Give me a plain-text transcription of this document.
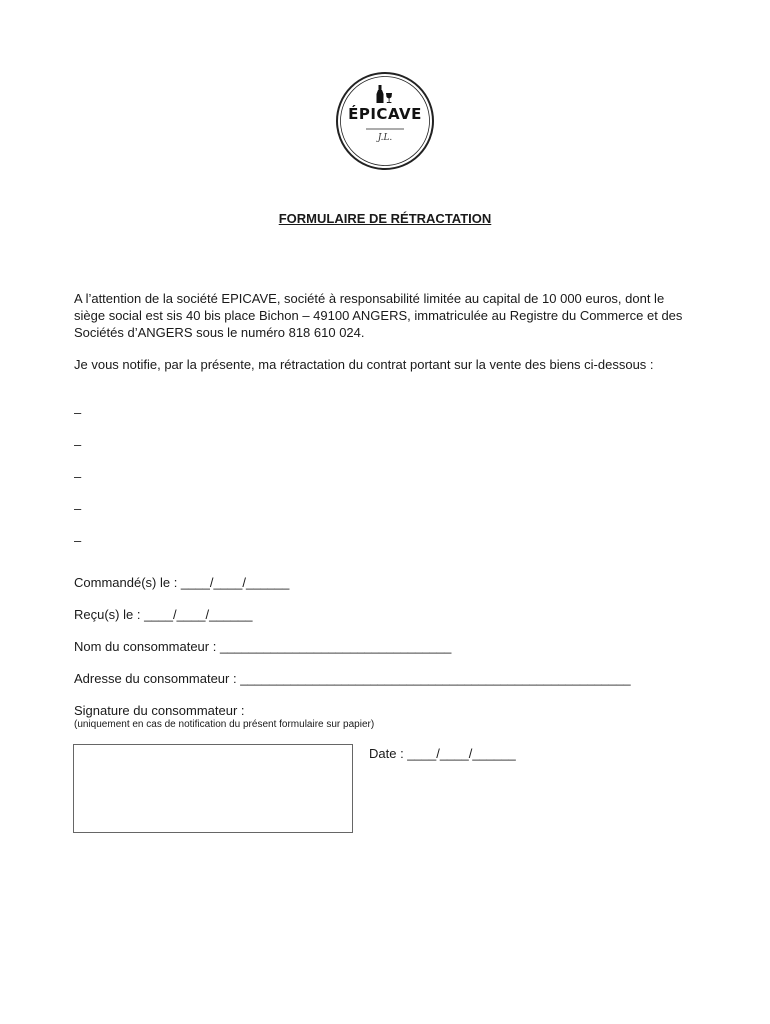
ÉPICAVE
J.L.
FORMULAIRE DE RÉTRACTATION
A l’attention de la société EPICAVE, société à responsabilité limitée au capital de 10 000 euros, dont le siège social est sis 40 bis place Bichon – 49100 ANGERS, immatriculée au Registre du Commerce et des Sociétés d’ANGERS sous le numéro 818 610 024.
Je vous notifie, par la présente, ma rétractation du contrat portant sur la vente des biens ci-dessous :
–
–
–
–
–
Commandé(s) le : ____/____/______
Reçu(s) le : ____/____/______
Nom du consommateur : ________________________________
Adresse du consommateur : ______________________________________________________
Signature du consommateur :
(uniquement en cas de notification du présent formulaire sur papier)
Date : ____/____/______
